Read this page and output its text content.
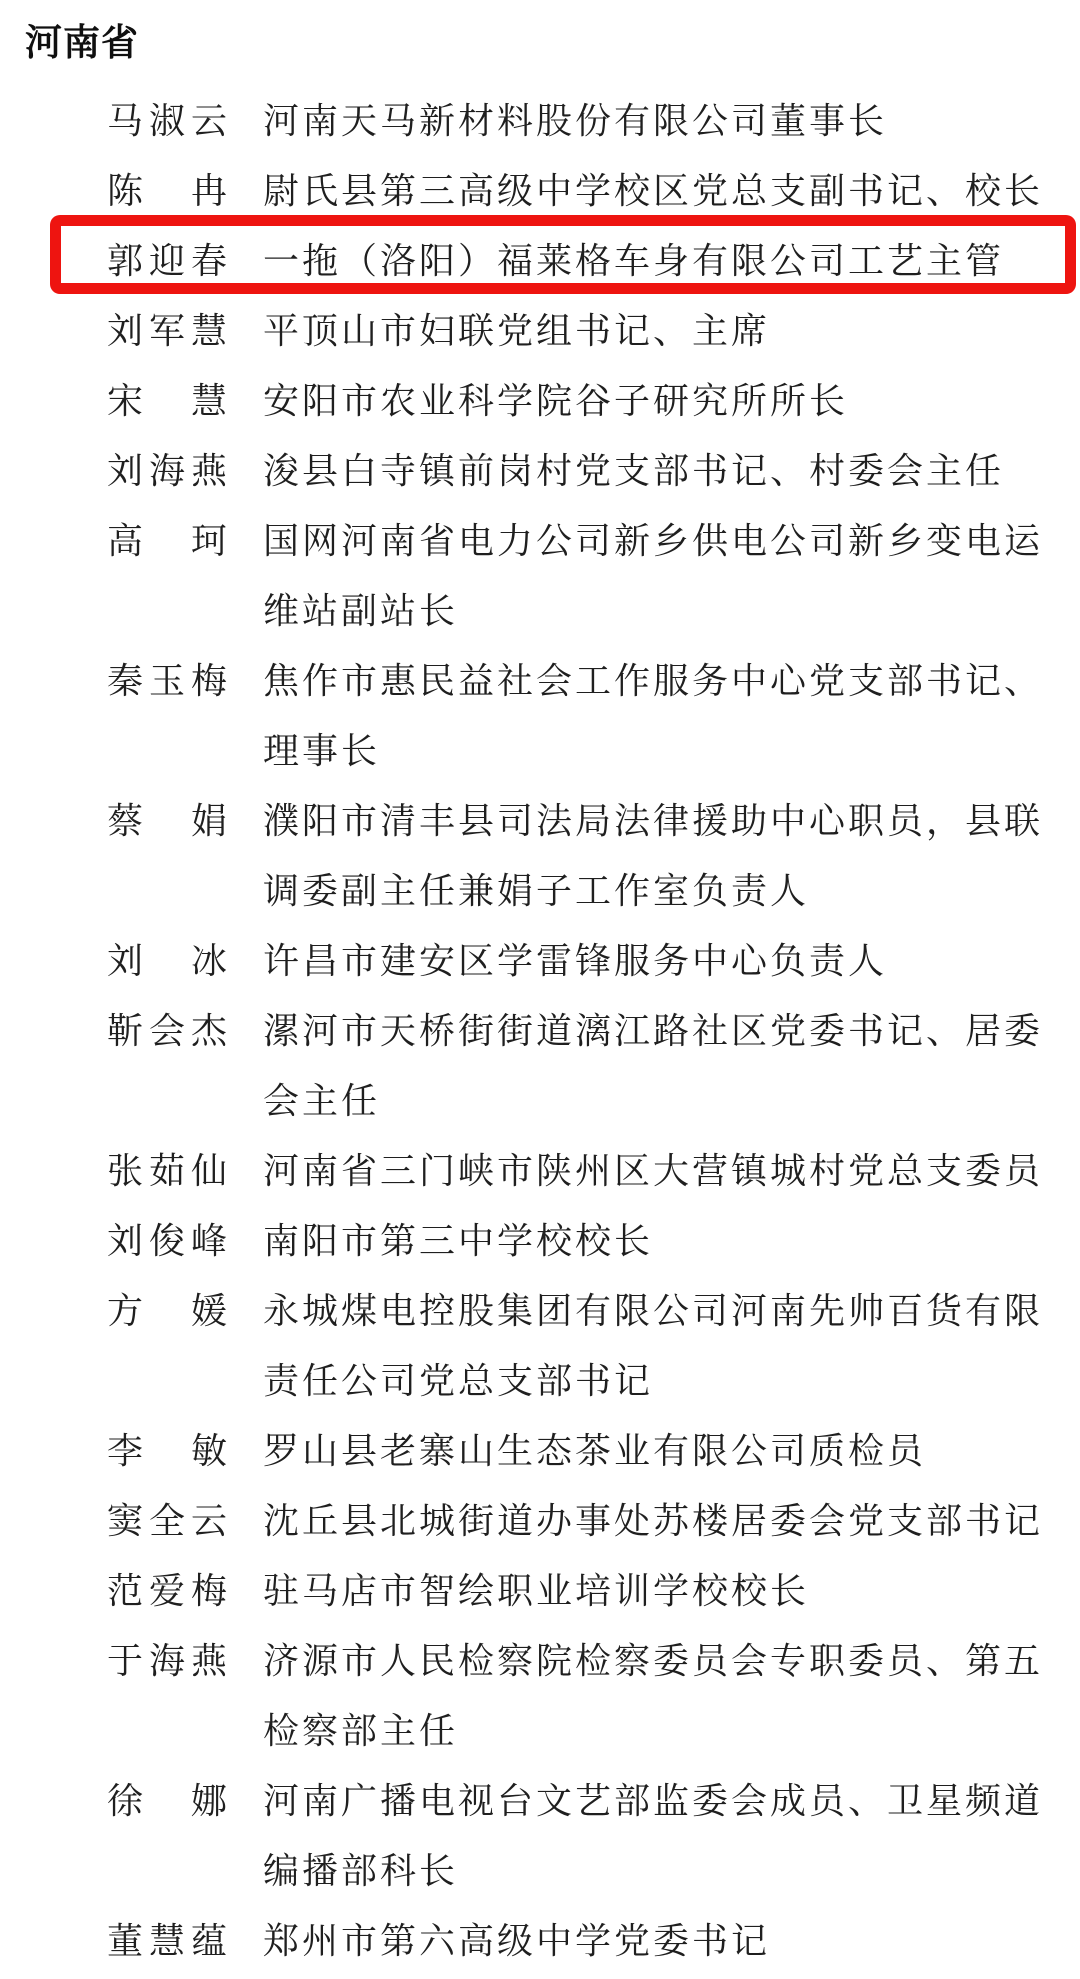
河南省
马淑云 河南天马新材料股份有限公司董事长
陈冉 尉氏县第三高级中学校区党总支副书记、校长
郭迎春 一拖（洛阳）福莱格车身有限公司工艺主管
刘军慧 平顶山市妇联党组书记、主席
宋慧 安阳市农业科学院谷子研究所所长
刘海燕 浚县白寺镇前岗村党支部书记、村委会主任
高珂 国网河南省电力公司新乡供电公司新乡变电运维站副站长
秦玉梅 焦作市惠民益社会工作服务中心党支部书记、理事长
蔡娟 濮阳市清丰县司法局法律援助中心职员，县联调委副主任兼娟子工作室负责人
刘冰 许昌市建安区学雷锋服务中心负责人
靳会杰 漯河市天桥街街道漓江路社区党委书记、居委会主任
张茹仙 河南省三门峡市陕州区大营镇城村党总支委员
刘俊峰 南阳市第三中学校校长
方媛 永城煤电控股集团有限公司河南先帅百货有限责任公司党总支部书记
李敏 罗山县老寨山生态茶业有限公司质检员
窦全云 沈丘县北城街道办事处苏楼居委会党支部书记
范爱梅 驻马店市智绘职业培训学校校长
于海燕 济源市人民检察院检察委员会专职委员、第五检察部主任
徐娜 河南广播电视台文艺部监委会成员、卫星频道编播部科长
董慧蕴 郑州市第六高级中学党委书记
